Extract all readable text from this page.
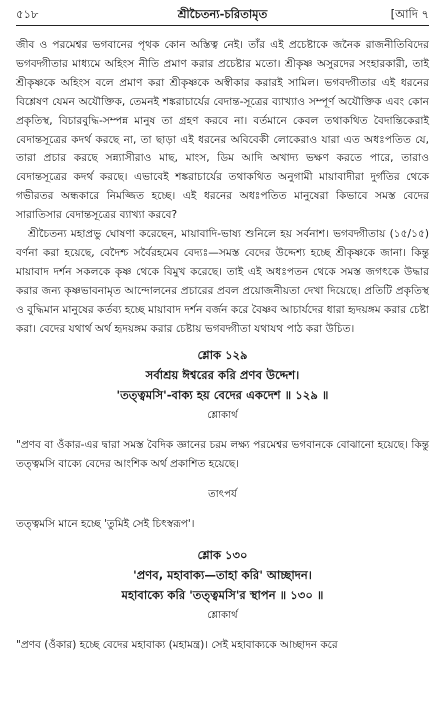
৫১৮	শ্রীচৈতন্য-চরিতামৃত	[আদি ৭

জীব ও পরমেশ্বর ভগবানের পৃথক কোন অস্তিত্ব নেই। তাঁর এই প্রচেষ্টাকে জনৈক রাজনীতিবিদের ভগবদ্গীতার মাধ্যমে অহিংস নীতি প্রমাণ করার প্রচেষ্টার মতো। শ্রীকৃষ্ণ অসুরদের সংহারকারী, তাই শ্রীকৃষ্ণকে অহিংস বলে প্রমাণ করা শ্রীকৃষ্ণকে অস্বীকার করারই সামিল। ভগবদ্গীতার এই ধরনের বিশ্লেষণ যেমন অযৌক্তিক, তেমনই শঙ্করাচার্যের বেদান্ত-সূত্রের ব্যাখ্যাও সম্পূর্ণ অযৌক্তিক এবং কোন প্রকৃতিস্থ, বিচারবুদ্ধি-সম্পন্ন মানুষ তা গ্রহণ করবে না। বর্তমানে কেবল তথাকথিত বৈদান্তিকেরাই বেদান্তসূত্রের কদর্থ করছে না, তা ছাড়া এই ধরনের অবিবেকী লোকেরাও যারা এত অধঃপতিত যে, তারা প্রচার করছে সন্ন্যাসীরাও মাছ, মাংস, ডিম আদি অখাদ্য ভক্ষণ করতে পারে, তারাও বেদান্তসূত্রের কদর্থ করছে। এভাবেই শঙ্করাচার্যের তথাকথিত অনুগামী মায়াবাদীরা দুর্গতির থেকে গভীরতর অন্ধকারে নিমজ্জিত হচ্ছে। এই ধরনের অধঃপতিত মানুষেরা কিভাবে সমস্ত বেদের সারাতিসার বেদান্তসূত্রের ব্যাখ্যা করবে?

শ্রীচৈতন্য মহাপ্রভু ঘোষণা করেছেন, মায়াবাদি-ভাষ্য শুনিলে হয় সর্বনাশ। ভগবদ্গীতায় (১৫/১৫) বর্ণনা করা হয়েছে, বেদৈশ্চ সর্বৈরহমেব বেদ্যঃ—সমস্ত বেদের উদ্দেশ্য হচ্ছে শ্রীকৃষ্ণকে জানা। কিন্তু মায়াবাদ দর্শন সকলকে কৃষ্ণ থেকে বিমুখ করেছে। তাই এই অধঃপতন থেকে সমস্ত জগৎকে উদ্ধার করার জন্য কৃষ্ণভাবনামৃত আন্দোলনের প্রচারের প্রবল প্রয়োজনীয়তা দেখা দিয়েছে। প্রতিটি প্রকৃতিস্থ ও বুদ্ধিমান মানুষের কর্তব্য হচ্ছে মায়াবাদ দর্শন বর্জন করে বৈষ্ণব আচার্যদের ধারা হৃদয়ঙ্গম করার চেষ্টা করা। বেদের যথার্থ অর্থ হৃদয়ঙ্গম করার চেষ্টায় ভগবদ্গীতা যথাযথ পাঠ করা উচিত।

শ্লোক ১২৯
সর্বাশ্রয় ঈশ্বরের করি প্রণব উদ্দেশ।
'তত্ত্বমসি'-বাক্য হয় বেদের একদেশ ॥ ১২৯ ॥
শ্লোকার্থ

"প্রণব বা ওঁকার-এর দ্বারা সমস্ত বৈদিক জ্ঞানের চরম লক্ষ্য পরমেশ্বর ভগবানকে বোঝানো হয়েছে। কিন্তু তত্ত্বমসি বাক্যে বেদের আংশিক অর্থ প্রকাশিত হয়েছে।

তাৎপর্য

তত্ত্বমসি মানে হচ্ছে 'তুমিই সেই চিৎস্বরূপ'।

শ্লোক ১৩০
'প্রণব, মহাবাক্য—তাহা করি' আচ্ছাদন।
মহাবাক্যে করি 'তত্ত্বমসি'র স্থাপন ॥ ১৩০ ॥
শ্লোকার্থ

"প্রণব (ওঁকার) হচ্ছে বেদের মহাবাক্য (মহামন্ত্র)। সেই মহাবাক্যকে আচ্ছাদন করে
